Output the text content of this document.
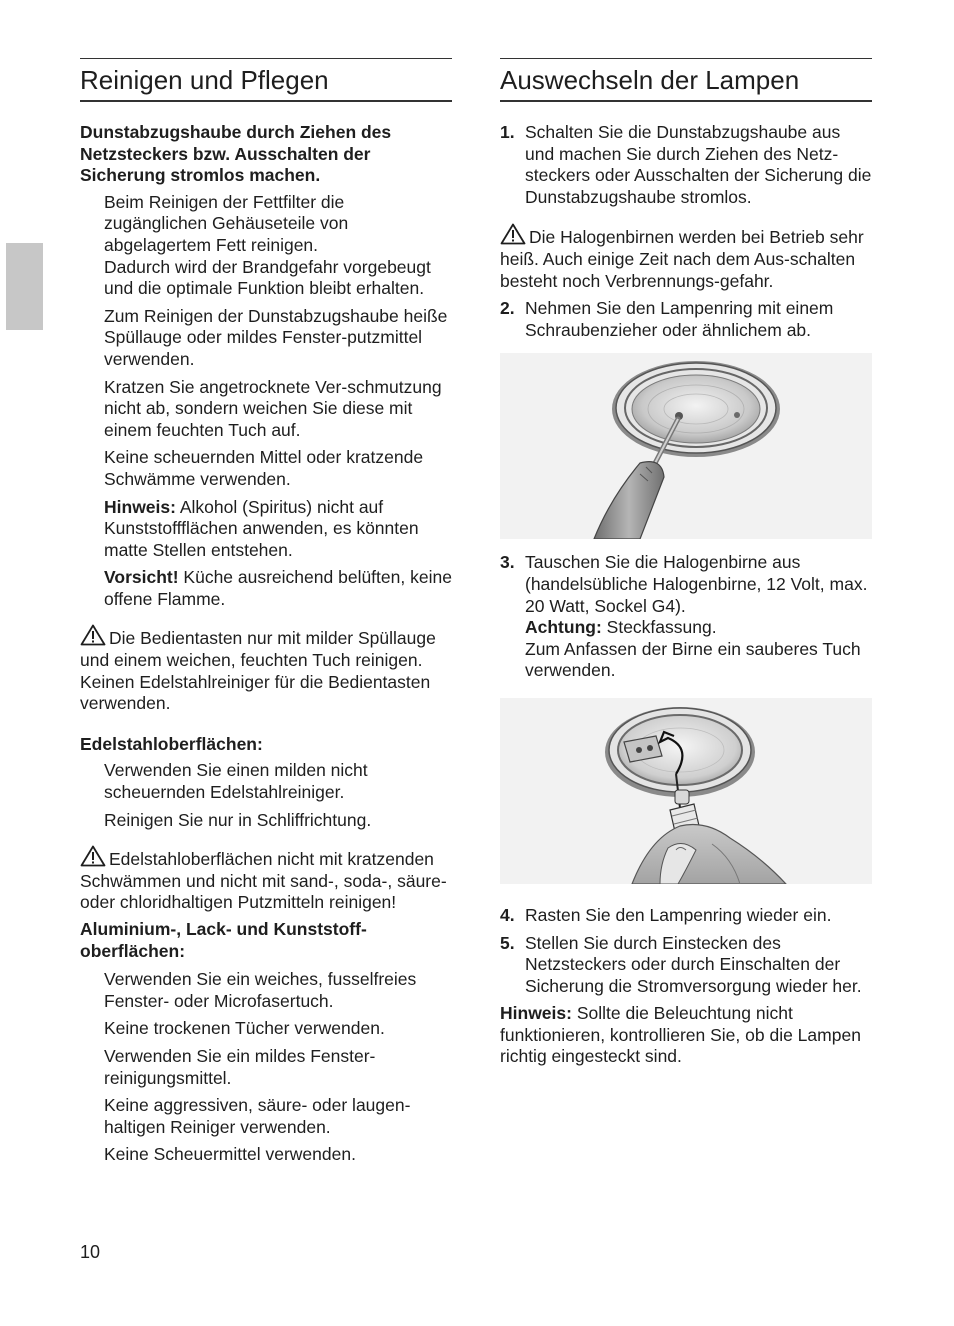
Reinigen und Pflegen

Dunstabzugshaube durch Ziehen des Netzsteckers bzw. Ausschalten der Sicherung stromlos machen.

Beim Reinigen der Fettfilter die zugänglichen Gehäuseteile von abgelagertem Fett reinigen.

Dadurch wird der Brandgefahr vorgebeugt und die optimale Funktion bleibt erhalten.

Zum Reinigen der Dunstabzugshaube heiße Spüllauge oder mildes Fenster-putzmittel verwenden.

Kratzen Sie angetrocknete Ver-schmutzung nicht ab, sondern weichen Sie diese mit einem feuchten Tuch auf.

Keine scheuernden Mittel oder kratzende Schwämme verwenden.

Hinweis: Alkohol (Spiritus) nicht auf Kunststoffflächen anwenden, es könnten matte Stellen entstehen.

Vorsicht! Küche ausreichend belüften, keine offene Flamme.

Die Bedientasten nur mit milder Spüllauge und einem weichen, feuchten Tuch reinigen.

Keinen Edelstahlreiniger für die Bedientasten verwenden.

Edelstahloberflächen:

Verwenden Sie einen milden nicht scheuernden Edelstahlreiniger.

Reinigen Sie nur in Schliffrichtung.

Edelstahloberflächen nicht mit kratzenden Schwämmen und nicht mit sand-, soda-, säure- oder chloridhaltigen Putzmitteln reinigen!

Aluminium-, Lack- und Kunststoff-oberflächen:

Verwenden Sie ein weiches, fusselfreies Fenster- oder Microfasertuch.

Keine trockenen Tücher verwenden.

Verwenden Sie ein mildes Fenster-reinigungsmittel.

Keine aggressiven, säure- oder laugen-haltigen Reiniger verwenden.

Keine Scheuermittel verwenden.

Auswechseln der Lampen
1. Schalten Sie die Dunstabzugshaube aus und machen Sie durch Ziehen des Netz-steckers oder Ausschalten der Sicherung die Dunstabzugshaube stromlos.

Die Halogenbirnen werden bei Betrieb sehr heiß. Auch einige Zeit nach dem Aus-schalten besteht noch Verbrennungs-gefahr.

2. Nehmen Sie den Lampenring mit einem Schraubenzieher oder ähnlichem ab.
3. Tauschen Sie die Halogenbirne aus (handelsübliche Halogenbirne, 12 Volt, max. 20 Watt, Sockel G4).

Achtung: Steckfassung.

Zum Anfassen der Birne ein sauberes Tuch verwenden.

4. Rasten Sie den Lampenring wieder ein.
5. Stellen Sie durch Einstecken des Netzsteckers oder durch Einschalten der Sicherung die Stromversorgung wieder her.

Hinweis: Sollte die Beleuchtung nicht funktionieren, kontrollieren Sie, ob die Lampen richtig eingesteckt sind.

10
